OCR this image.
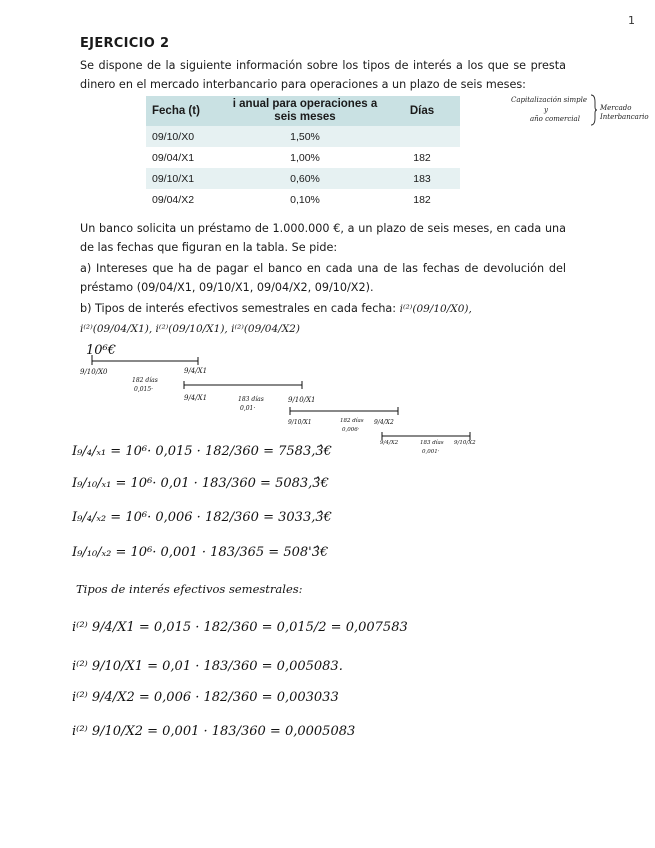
1
EJERCICIO 2
Se dispone de la siguiente información sobre los tipos de interés a los que se presta dinero en el mercado interbancario para operaciones a un plazo de seis meses:
Fecha (t)	i anual para operaciones a seis meses	Días
09/10/X0	1,50%	
09/04/X1	1,00%	182
09/10/X1	0,60%	183
09/04/X2	0,10%	182
Capitalización simple
y
año comercial
Mercado
Interbancario
Un banco solicita un préstamo de 1.000.000 €, a un plazo de seis meses, en cada una de las fechas que figuran en la tabla. Se pide:
a) Intereses que ha de pagar el banco en cada una de las fechas de devolución del préstamo (09/04/X1, 09/10/X1, 09/04/X2, 09/10/X2).
b) Tipos de interés efectivos semestrales en cada fecha: i⁽²⁾(09/10/X0),
i⁽²⁾(09/04/X1), i⁽²⁾(09/10/X1), i⁽²⁾(09/04/X2)
10⁶€
9/10/X0	9/4/X1
182 días
0,015·
9/4/X1	183 días
0,01·
9/10/X1
9/10/X1	182 días
0,006·
9/4/X2
9/4/X2	183 días
0,001·
9/10/X2
I₉/₄/ₓ₁ = 10⁶· 0,015 · 182/360 = 7583,3̂€
I₉/₁₀/ₓ₁ = 10⁶· 0,01 · 183/360 = 5083,3̂€
I₉/₄/ₓ₂ = 10⁶· 0,006 · 182/360 = 3033,3̂€
I₉/₁₀/ₓ₂ = 10⁶· 0,001 · 183/365 = 508'3̂€
Tipos de interés efectivos semestrales:
i⁽²⁾ 9/4/X1 = 0,015 · 182/360 = 0,015/2 = 0,007583
i⁽²⁾ 9/10/X1 = 0,01 · 183/360 = 0,005083.
i⁽²⁾ 9/4/X2 = 0,006 · 182/360 = 0,003033
i⁽²⁾ 9/10/X2 = 0,001 · 183/360 = 0,0005083
